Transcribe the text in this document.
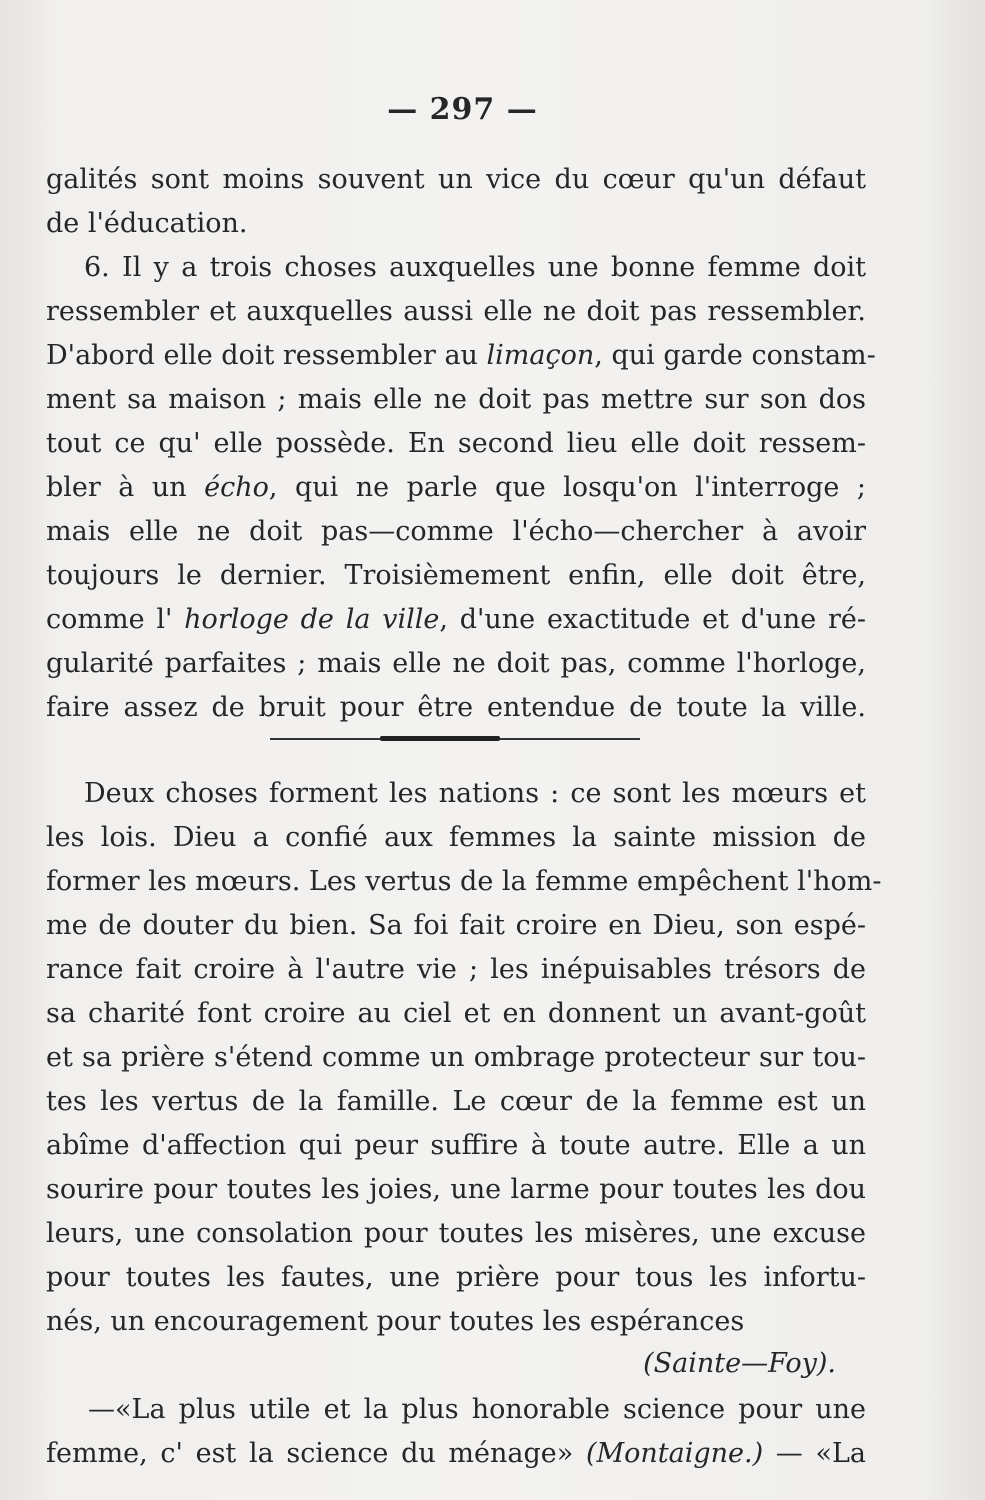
— 297 —
galités sont moins souvent un vice du cœur qu'un défaut
de l'éducation.
6. Il y a trois choses auxquelles une bonne femme doit
ressembler et auxquelles aussi elle ne doit pas ressembler.
D'abord elle doit ressembler au limaçon, qui garde constam-
ment sa maison ; mais elle ne doit pas mettre sur son dos
tout ce qu' elle possède. En second lieu elle doit ressem-
bler à un écho, qui ne parle que losqu'on l'interroge ;
mais elle ne doit pas—comme l'écho—chercher à avoir
toujours le dernier. Troisièmement enfin, elle doit être,
comme l' horloge de la ville, d'une exactitude et d'une ré-
gularité parfaites ; mais elle ne doit pas, comme l'horloge,
faire assez de bruit pour être entendue de toute la ville.
Deux choses forment les nations : ce sont les mœurs et
les lois. Dieu a confié aux femmes la sainte mission de
former les mœurs. Les vertus de la femme empêchent l'hom-
me de douter du bien. Sa foi fait croire en Dieu, son espé-
rance fait croire à l'autre vie ; les inépuisables trésors de
sa charité font croire au ciel et en donnent un avant-goût
et sa prière s'étend comme un ombrage protecteur sur tou-
tes les vertus de la famille. Le cœur de la femme est un
abîme d'affection qui peur suffire à toute autre. Elle a un
sourire pour toutes les joies, une larme pour toutes les dou
leurs, une consolation pour toutes les misères, une excuse
pour toutes les fautes, une prière pour tous les infortu-
nés, un encouragement pour toutes les espérances
(Sainte—Foy).
—«La plus utile et la plus honorable science pour une
femme, c' est la science du ménage» (Montaigne.) — «La
